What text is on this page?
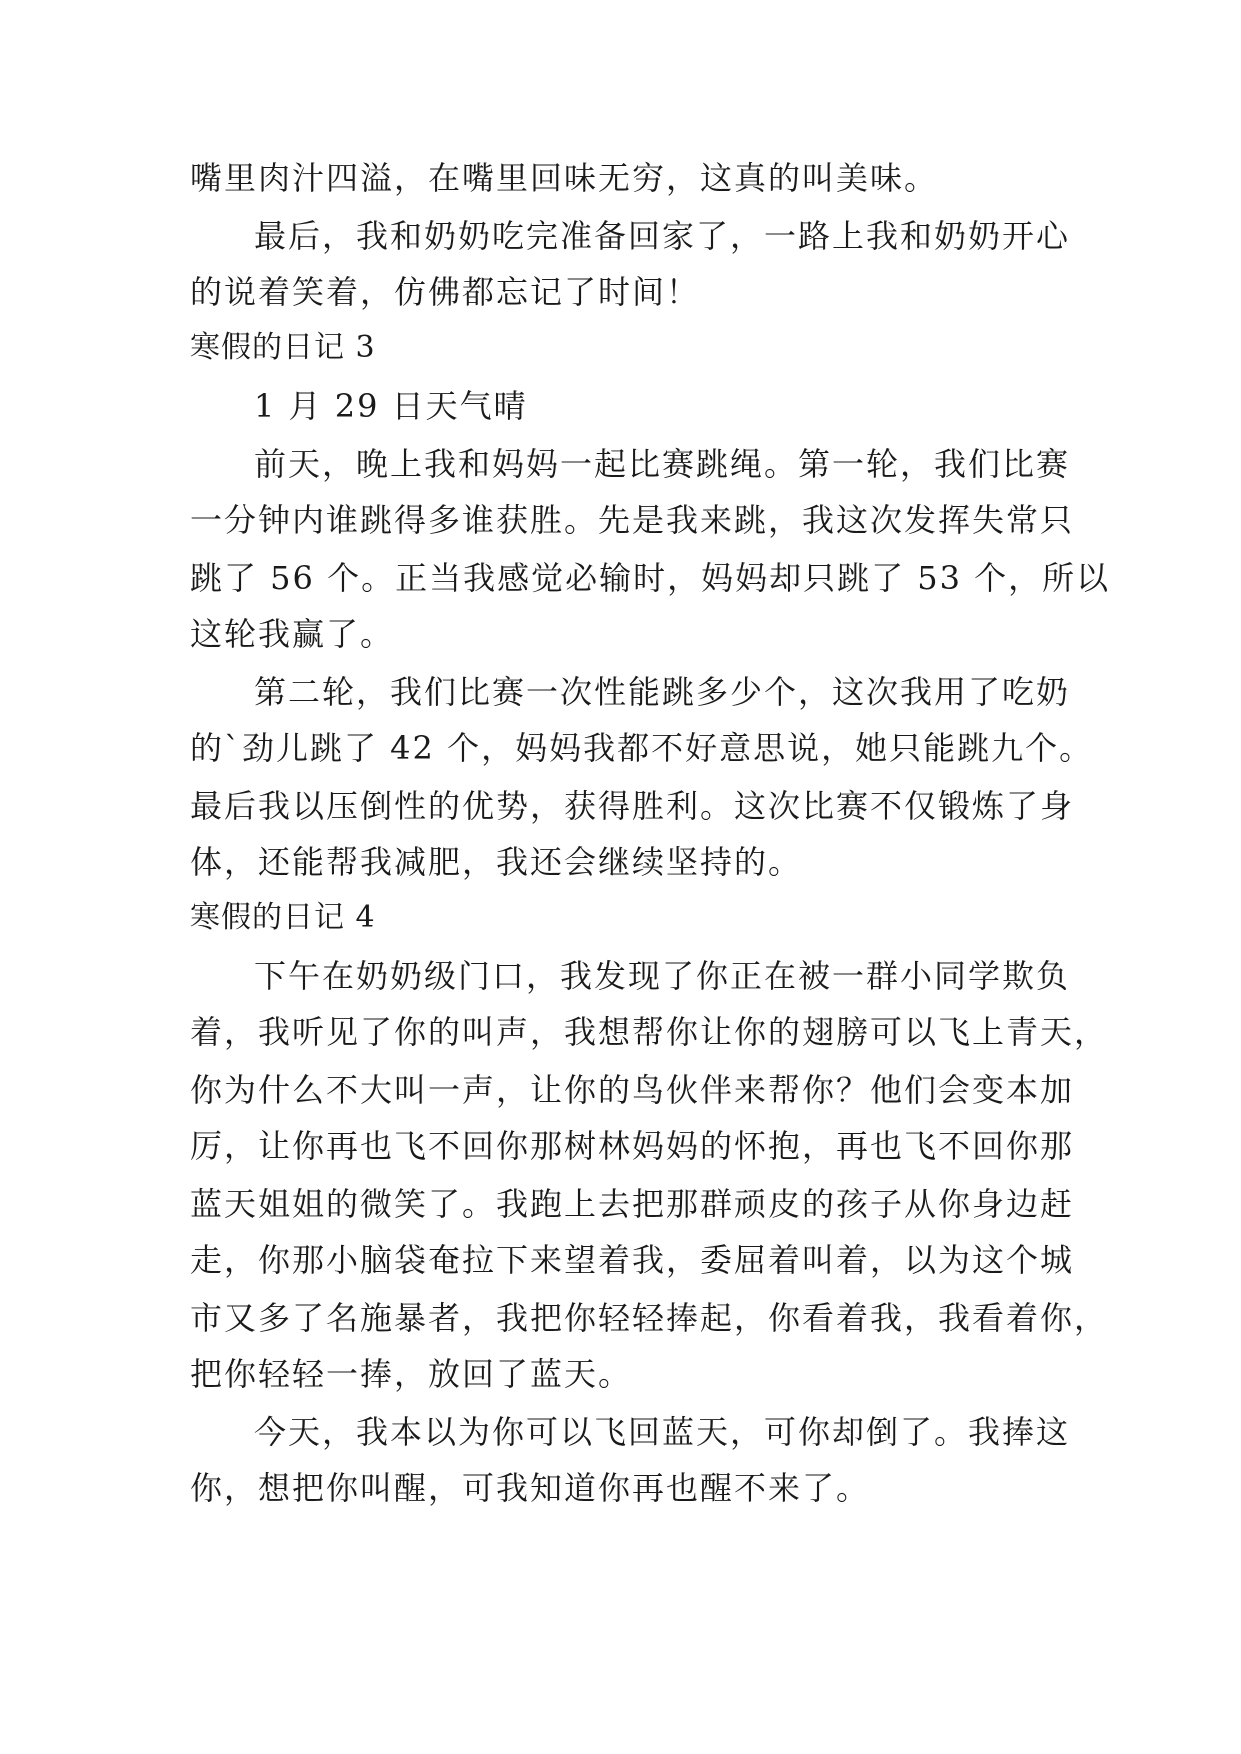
嘴里肉汁四溢，在嘴里回味无穷，这真的叫美味。
最后，我和奶奶吃完准备回家了，一路上我和奶奶开心
的说着笑着，仿佛都忘记了时间！
寒假的日记 3
1 月 29 日天气晴
前天，晚上我和妈妈一起比赛跳绳。第一轮，我们比赛
一分钟内谁跳得多谁获胜。先是我来跳，我这次发挥失常只
跳了 56 个。正当我感觉必输时，妈妈却只跳了 53 个，所以
这轮我赢了。
第二轮，我们比赛一次性能跳多少个，这次我用了吃奶
的`劲儿跳了 42 个，妈妈我都不好意思说，她只能跳九个。
最后我以压倒性的优势，获得胜利。这次比赛不仅锻炼了身
体，还能帮我减肥，我还会继续坚持的。
寒假的日记 4
下午在奶奶级门口，我发现了你正在被一群小同学欺负
着，我听见了你的叫声，我想帮你让你的翅膀可以飞上青天，
你为什么不大叫一声，让你的鸟伙伴来帮你？他们会变本加
厉，让你再也飞不回你那树林妈妈的怀抱，再也飞不回你那
蓝天姐姐的微笑了。我跑上去把那群顽皮的孩子从你身边赶
走，你那小脑袋奄拉下来望着我，委屈着叫着，以为这个城
市又多了名施暴者，我把你轻轻捧起，你看着我，我看着你，
把你轻轻一捧，放回了蓝天。
今天，我本以为你可以飞回蓝天，可你却倒了。我捧这
你，想把你叫醒，可我知道你再也醒不来了。
